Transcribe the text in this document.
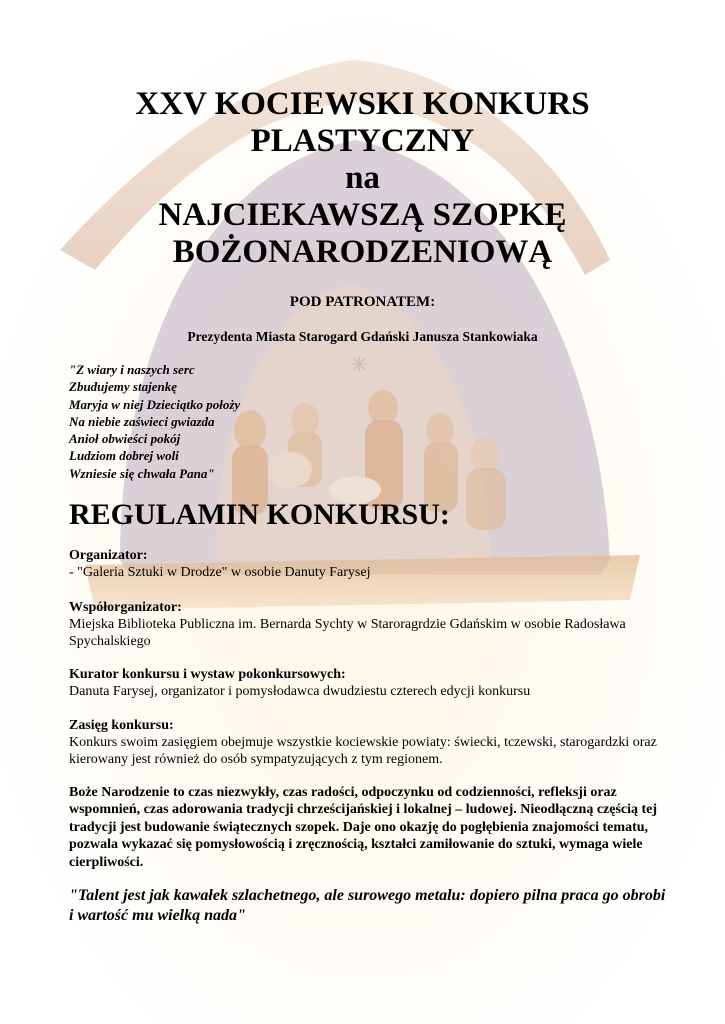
✳
XXV KOCIEWSKI KONKURS
PLASTYCZNY
na
NAJCIEKAWSZĄ SZOPKĘ
BOŻONARODZENIOWĄ
POD PATRONATEM:
Prezydenta Miasta Starogard Gdański Janusza Stankowiaka
"Z wiary i naszych serc
Zbudujemy stajenkę
Maryja w niej Dzieciątko położy
Na niebie zaświeci gwiazda
Anioł obwieści pokój
Ludziom dobrej woli
Wzniesie się chwała Pana"
REGULAMIN KONKURSU:
Organizator:
- "Galeria Sztuki w Drodze" w osobie Danuty Farysej
Współorganizator:
Miejska Biblioteka Publiczna im. Bernarda Sychty w Staroragrdzie Gdańskim w osobie Radosława Spychalskiego
Kurator konkursu i wystaw pokonkursowych:
Danuta Farysej, organizator i pomysłodawca dwudziestu czterech edycji konkursu
Zasięg konkursu:
Konkurs swoim zasięgiem obejmuje wszystkie kociewskie powiaty: świecki, tczewski, starogardzki oraz kierowany jest również do osób sympatyzujących z tym regionem.
Boże Narodzenie to czas niezwykły, czas radości, odpoczynku od codzienności, refleksji oraz wspomnień, czas adorowania tradycji chrześcijańskiej i lokalnej – ludowej. Nieodłączną częścią tej tradycji jest budowanie świątecznych szopek. Daje ono okazję do pogłębienia znajomości tematu, pozwala wykazać się pomysłowością i zręcznością, kształci zamiłowanie do sztuki, wymaga wiele cierpliwości.
"Talent jest jak kawałek szlachetnego, ale surowego metalu: dopiero pilna praca go obrobi i wartość mu wielką nada"
